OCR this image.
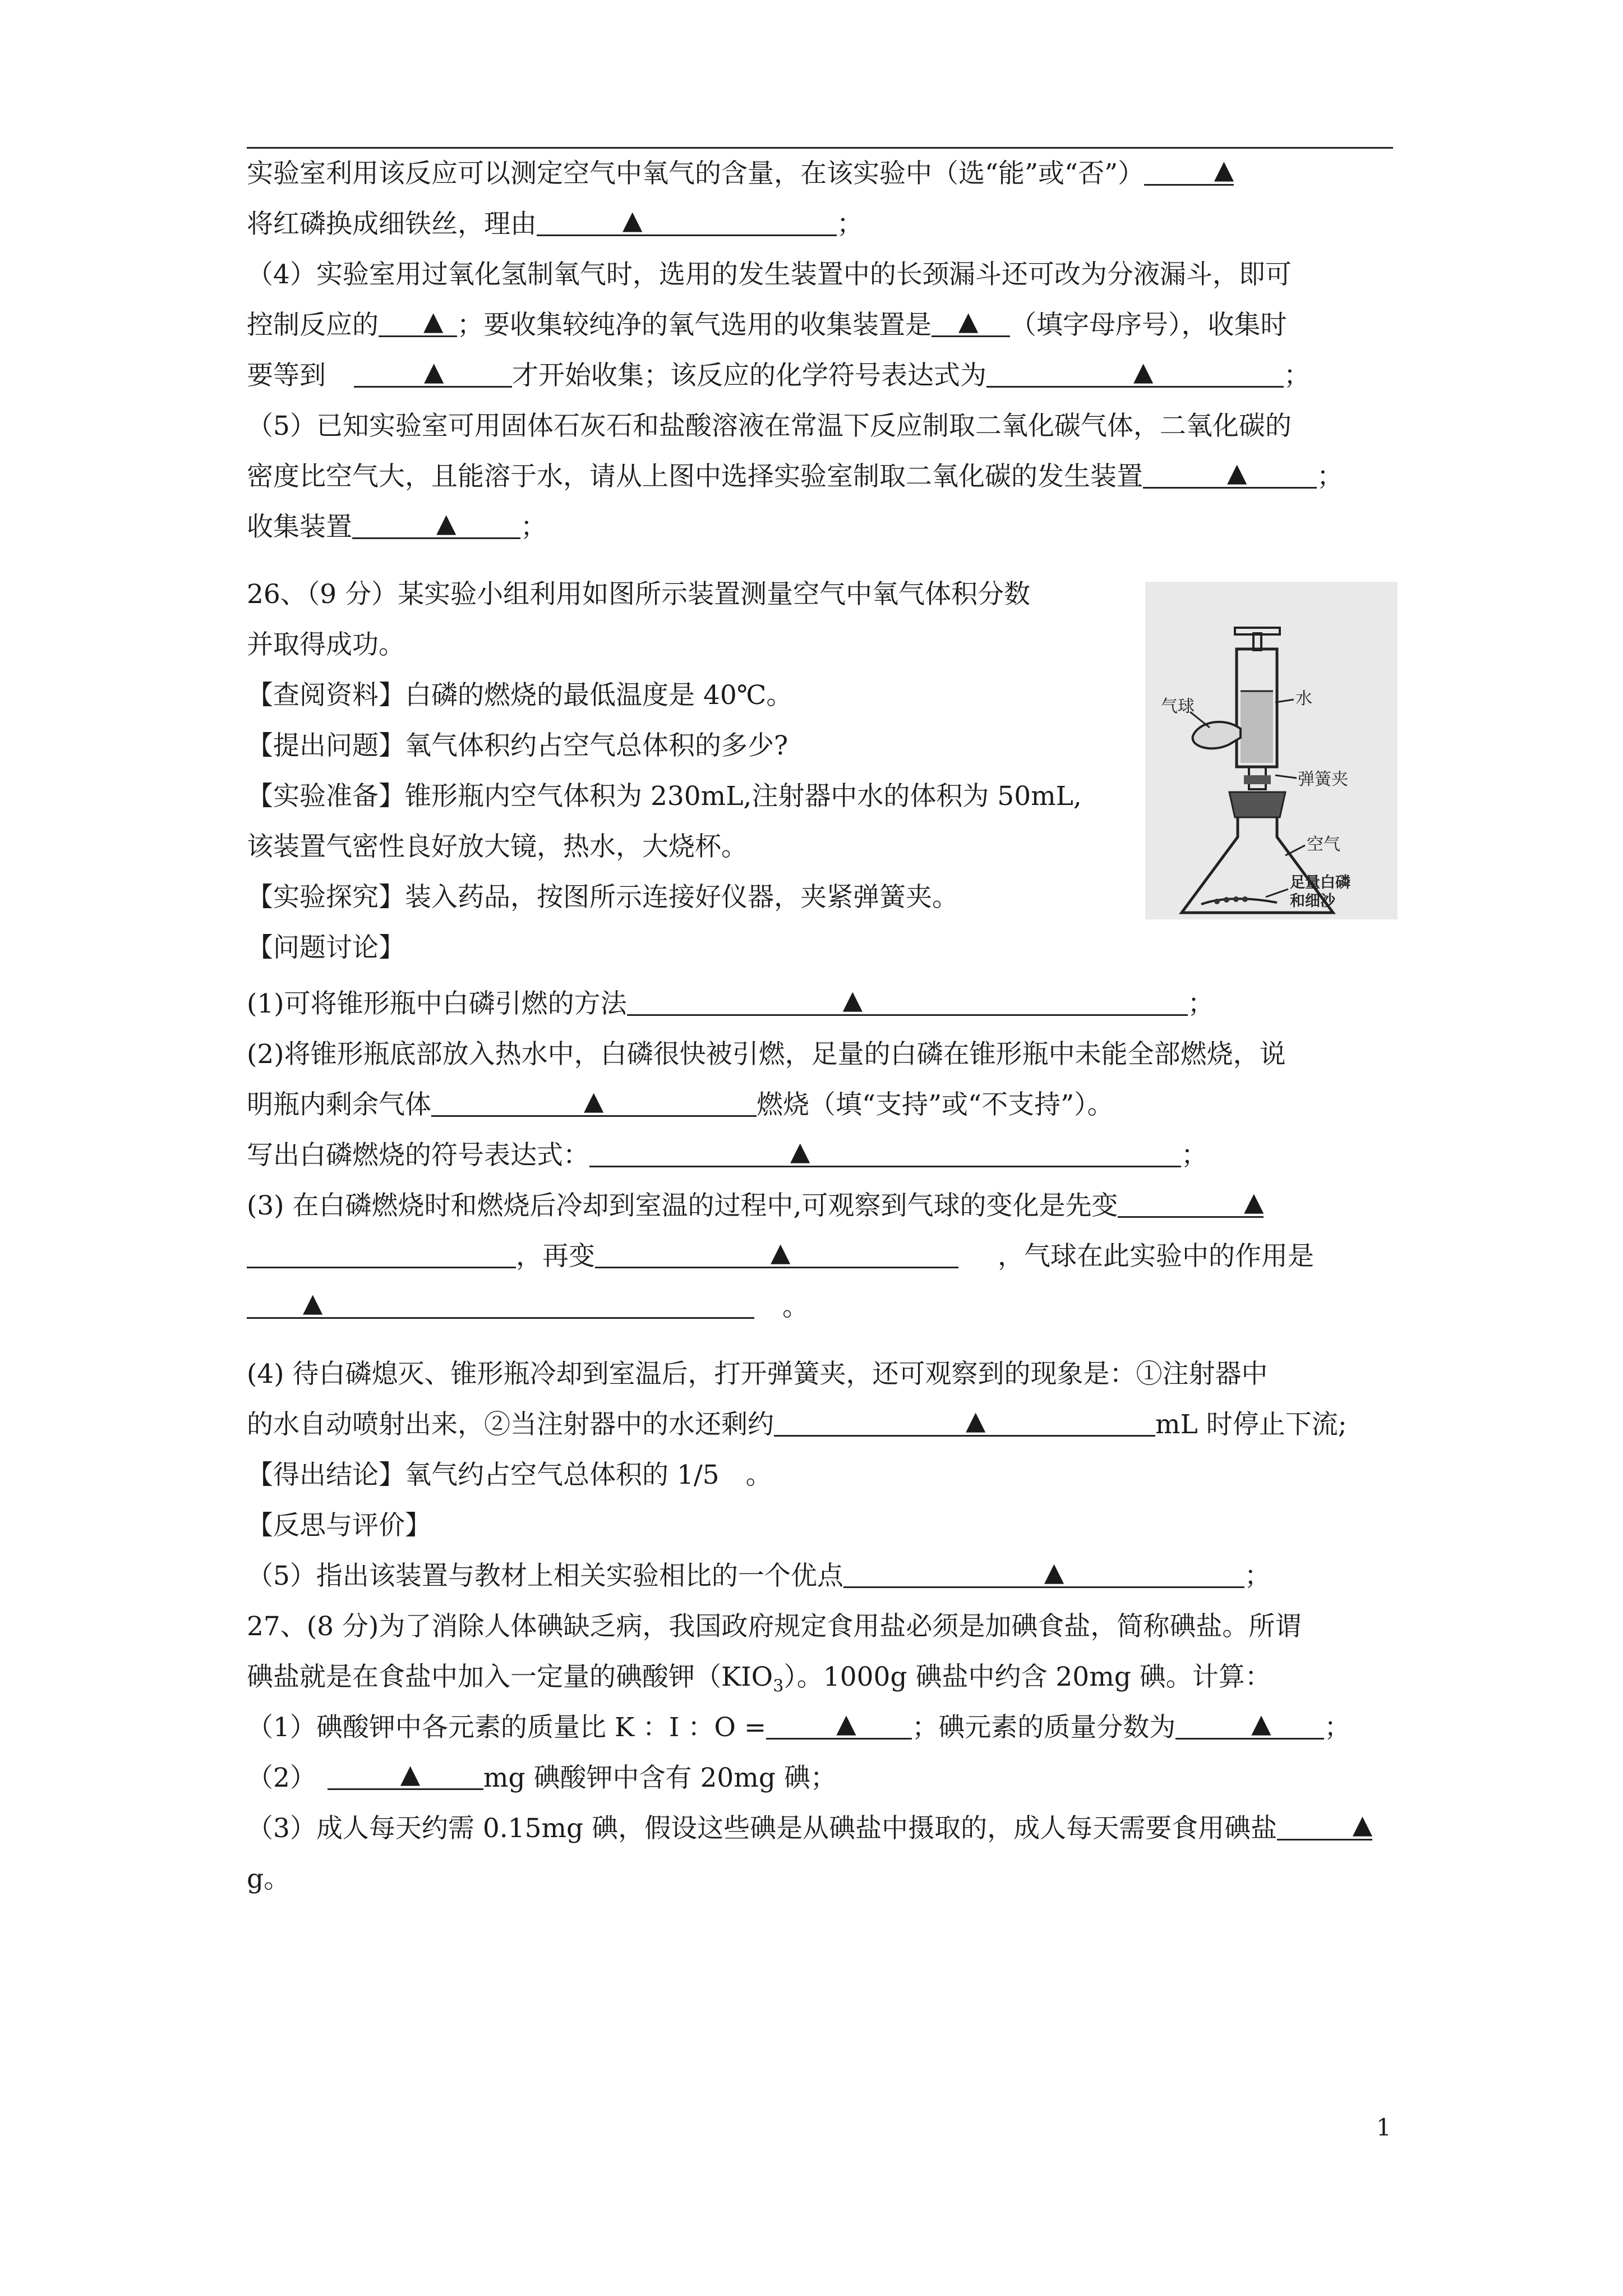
实验室利用该反应可以测定空气中氧气的含量，在该实验中（选“能”或“否”）	▲
将红磷换成细铁丝，理由	▲	；
（4）实验室用过氧化氢制氧气时，选用的发生装置中的长颈漏斗还可改为分液漏斗，即可
控制反应的 ▲ ；要收集较纯净的氧气选用的收集装置是 ▲ （填字母序号），收集时
要等到	▲	才开始收集；该反应的化学符号表达式为	▲	；
（5）已知实验室可用固体石灰石和盐酸溶液在常温下反应制取二氧化碳气体，二氧化碳的
密度比空气大，且能溶于水，请从上图中选择实验室制取二氧化碳的发生装置	▲	；
收集装置	▲ ；
26、（9 分）某实验小组利用如图所示装置测量空气中氧气体积分数
并取得成功。
【查阅资料】白磷的燃烧的最低温度是 40℃。
【提出问题】氧气体积约占空气总体积的多少?
【实验准备】锥形瓶内空气体积为 230mL,注射器中水的体积为 50mL,
该装置气密性良好放大镜，热水，大烧杯。
【实验探究】装入药品，按图所示连接好仪器，夹紧弹簧夹。
【问题讨论】
(1)可将锥形瓶中白磷引燃的方法	▲	；
(2)将锥形瓶底部放入热水中，白磷很快被引燃，足量的白磷在锥形瓶中未能全部燃烧，说
明瓶内剩余气体	▲	燃烧（填“支持”或“不支持”）。
写出白磷燃烧的符号表达式：	▲	；
(3) 在白磷燃烧时和燃烧后冷却到室温的过程中,可观察到气球的变化是先变	▲
，再变	▲	，气球在此实验中的作用是
▲	。
(4) 待白磷熄灭、锥形瓶冷却到室温后，打开弹簧夹，还可观察到的现象是：①注射器中
的水自动喷射出来，②当注射器中的水还剩约	▲	mL 时停止下流;
【得出结论】氧气约占空气总体积的 1/5　。
【反思与评价】
（5）指出该装置与教材上相关实验相比的一个优点	▲	；
27、(8 分)为了消除人体碘缺乏病，我国政府规定食用盐必须是加碘食盐，简称碘盐。所谓
碘盐就是在食盐中加入一定量的碘酸钾$(KIO_3)$。1000g 碘盐中约含 20mg 碘。计算：
（1）碘酸钾中各元素的质量比 K ：I ：O =	▲ ；碘元素的质量分数为	▲ ；
（2）	▲ mg 碘酸钾中含有 20mg 碘；
（3）成人每天约需 0.15mg 碘，假设这些碘是从碘盐中摄取的，成人每天需要食用碘盐	▲
g。
气球	水
弹簧夹
空气
足量白磷
和细沙
1
